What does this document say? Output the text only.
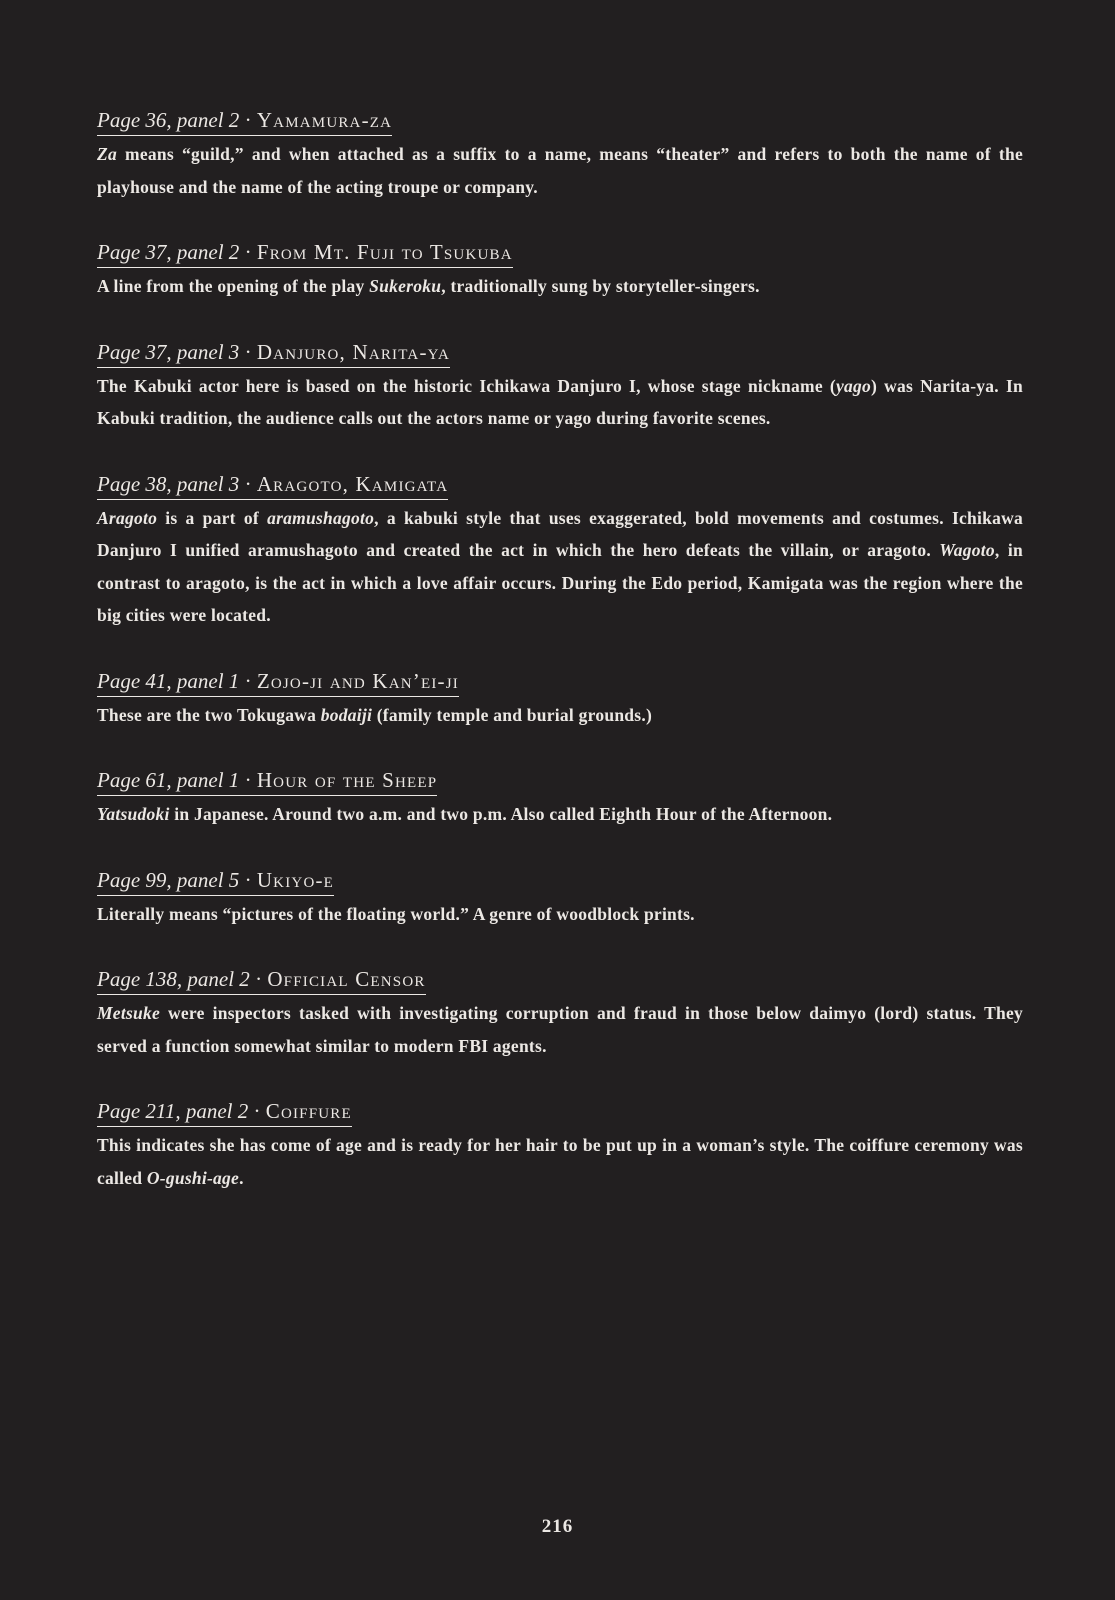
Page 36, panel 2 · Yamamura-za
Za means “guild,” and when attached as a suffix to a name, means “theater” and refers to both the name of the playhouse and the name of the acting troupe or company.
Page 37, panel 2 · From Mt. Fuji to Tsukuba
A line from the opening of the play Sukeroku, traditionally sung by storyteller-singers.
Page 37, panel 3 · Danjuro, Narita-ya
The Kabuki actor here is based on the historic Ichikawa Danjuro I, whose stage nickname (yago) was Narita-ya. In Kabuki tradition, the audience calls out the actors name or yago during favorite scenes.
Page 38, panel 3 · Aragoto, Kamigata
Aragoto is a part of aramushagoto, a kabuki style that uses exaggerated, bold movements and costumes. Ichikawa Danjuro I unified aramushagoto and created the act in which the hero defeats the villain, or aragoto. Wagoto, in contrast to aragoto, is the act in which a love affair occurs. During the Edo period, Kamigata was the region where the big cities were located.
Page 41, panel 1 · Zojo-ji and Kan’ei-ji
These are the two Tokugawa bodaiji (family temple and burial grounds.)
Page 61, panel 1 · Hour of the Sheep
Yatsudoki in Japanese. Around two a.m. and two p.m. Also called Eighth Hour of the Afternoon.
Page 99, panel 5 · Ukiyo-e
Literally means “pictures of the floating world.” A genre of woodblock prints.
Page 138, panel 2 · Official Censor
Metsuke were inspectors tasked with investigating corruption and fraud in those below daimyo (lord) status. They served a function somewhat similar to modern FBI agents.
Page 211, panel 2 · Coiffure
This indicates she has come of age and is ready for her hair to be put up in a woman’s style. The coiffure ceremony was called O-gushi-age.
216
